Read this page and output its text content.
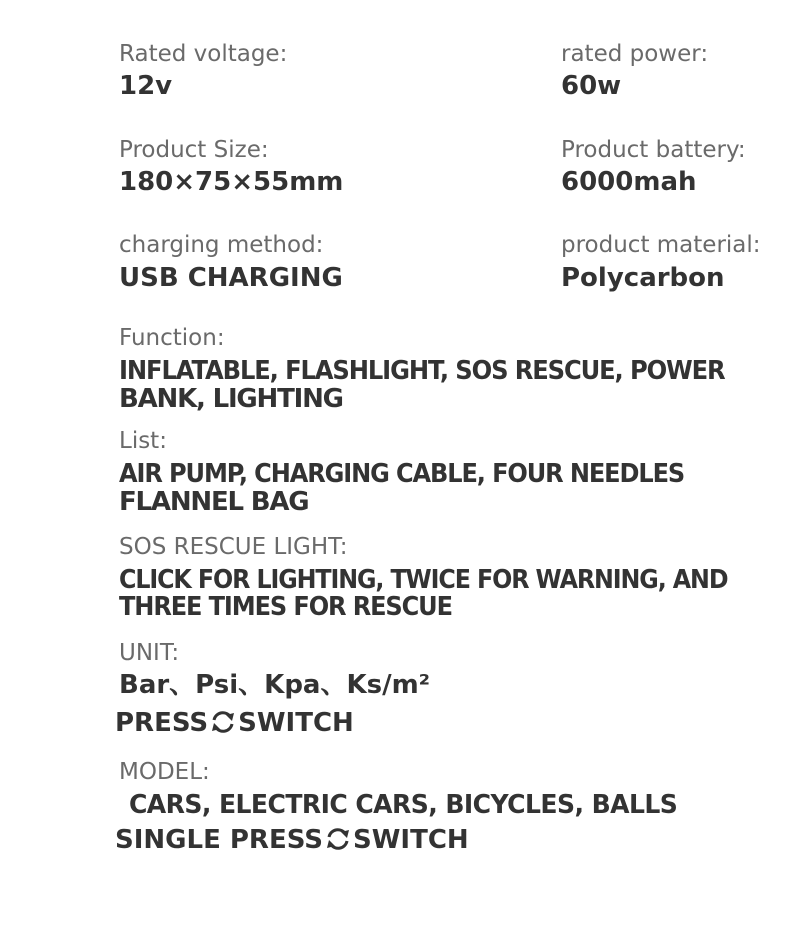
Rated voltage:
12v
rated power:
60w
Product Size:
180×75×55mm
Product battery:
6000mah
charging method:
USB CHARGING
product material:
Polycarbon
Function:
INFLATABLE, FLASHLIGHT, SOS RESCUE, POWER
BANK, LIGHTING
List:
AIR PUMP, CHARGING CABLE, FOUR NEEDLES
FLANNEL BAG
SOS RESCUE LIGHT:
CLICK FOR LIGHTING, TWICE FOR WARNING, AND
THREE TIMES FOR RESCUE
UNIT:
Bar、Psi、Kpa、Ks/m²
PRESS SWITCH
MODEL:
CARS, ELECTRIC CARS, BICYCLES, BALLS
SINGLE PRESS SWITCH
